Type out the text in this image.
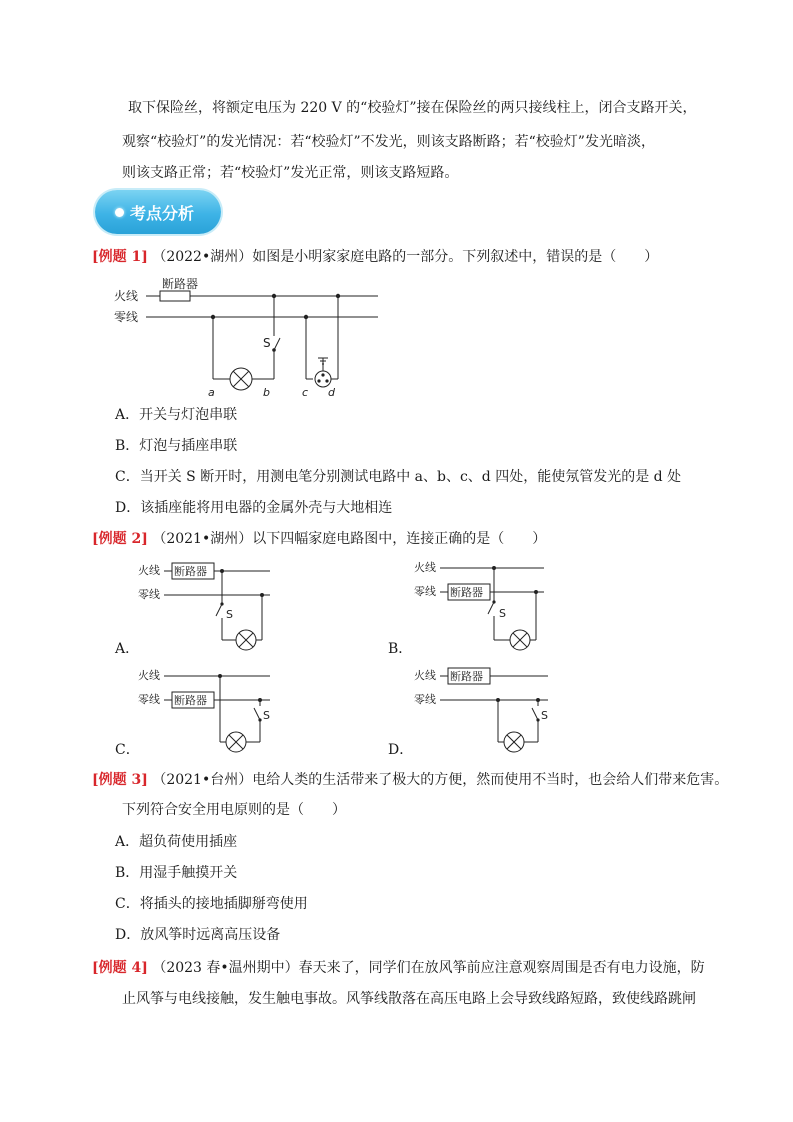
取下保险丝，将额定电压为 220 V 的“校验灯”接在保险丝的两只接线柱上，闭合支路开关，
观察“校验灯”的发光情况：若“校验灯”不发光，则该支路断路；若“校验灯”发光暗淡，
则该支路正常；若“校验灯”发光正常，则该支路短路。
考点分析
[例题 1] （2022•湖州）如图是小明家家庭电路的一部分。下列叙述中，错误的是（　　）
火线
零线
断路器
S
a	b	c d
A．开关与灯泡串联
B．灯泡与插座串联
C．当开关 S 断开时，用测电笔分别测试电路中 a、b、c、d 四处，能使氖管发光的是 d 处
D．该插座能将用电器的金属外壳与大地相连
[例题 2] （2021•湖州）以下四幅家庭电路图中，连接正确的是（　　）
火线
零线
断路器
S
A．
火线
零线 断路器
S
B．
火线
零线 断路器
S
C．
火线
零线
断路器
S
D．
[例题 3] （2021•台州）电给人类的生活带来了极大的方便，然而使用不当时，也会给人们带来危害。
下列符合安全用电原则的是（　　）
A．超负荷使用插座
B．用湿手触摸开关
C．将插头的接地插脚掰弯使用
D．放风筝时远离高压设备
[例题 4] （2023 春•温州期中）春天来了，同学们在放风筝前应注意观察周围是否有电力设施，防
止风筝与电线接触，发生触电事故。风筝线散落在高压电路上会导致线路短路，致使线路跳闸
